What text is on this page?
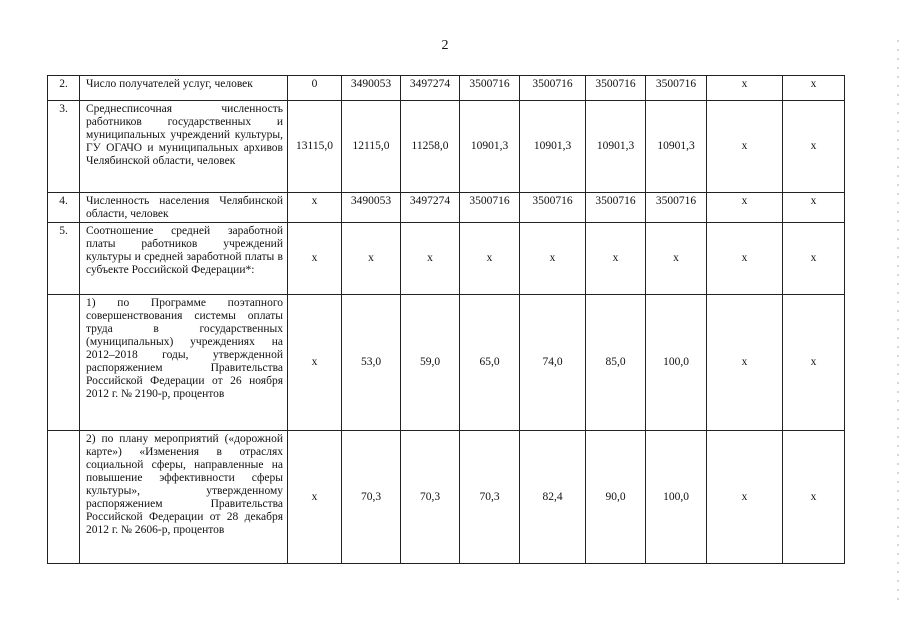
2
2.	Число получателей услуг, человек	0	3490053	3497274	3500716	3500716	3500716	3500716	x	x
3.	Среднесписочная численность работников государственных и муниципальных учреждений культуры, ГУ ОГАЧО и муниципальных архивов Челябинской области, человек	13115,0	12115,0	11258,0	10901,3	10901,3	10901,3	10901,3	x	x
4.	Численность населения Челябинской области, человек	x	3490053	3497274	3500716	3500716	3500716	3500716	x	x
5.	Соотношение средней заработной платы работников учреждений культуры и средней заработной платы в субъекте Российской Федерации*:	x	x	x	x	x	x	x	x	x
	1) по Программе поэтапного совершенствования системы оплаты труда в государственных (муниципальных) учреждениях на 2012–2018 годы, утвержденной распоряжением Правительства Российской Федерации от 26 ноября 2012 г. № 2190-р, процентов	x	53,0	59,0	65,0	74,0	85,0	100,0	x	x
	2) по плану мероприятий («дорожной карте») «Изменения в отраслях социальной сферы, направленные на повышение эффективности сферы культуры», утвержденному распоряжением Правительства Российской Федерации от 28 декабря 2012 г. № 2606-р, процентов	x	70,3	70,3	70,3	82,4	90,0	100,0	x	x
